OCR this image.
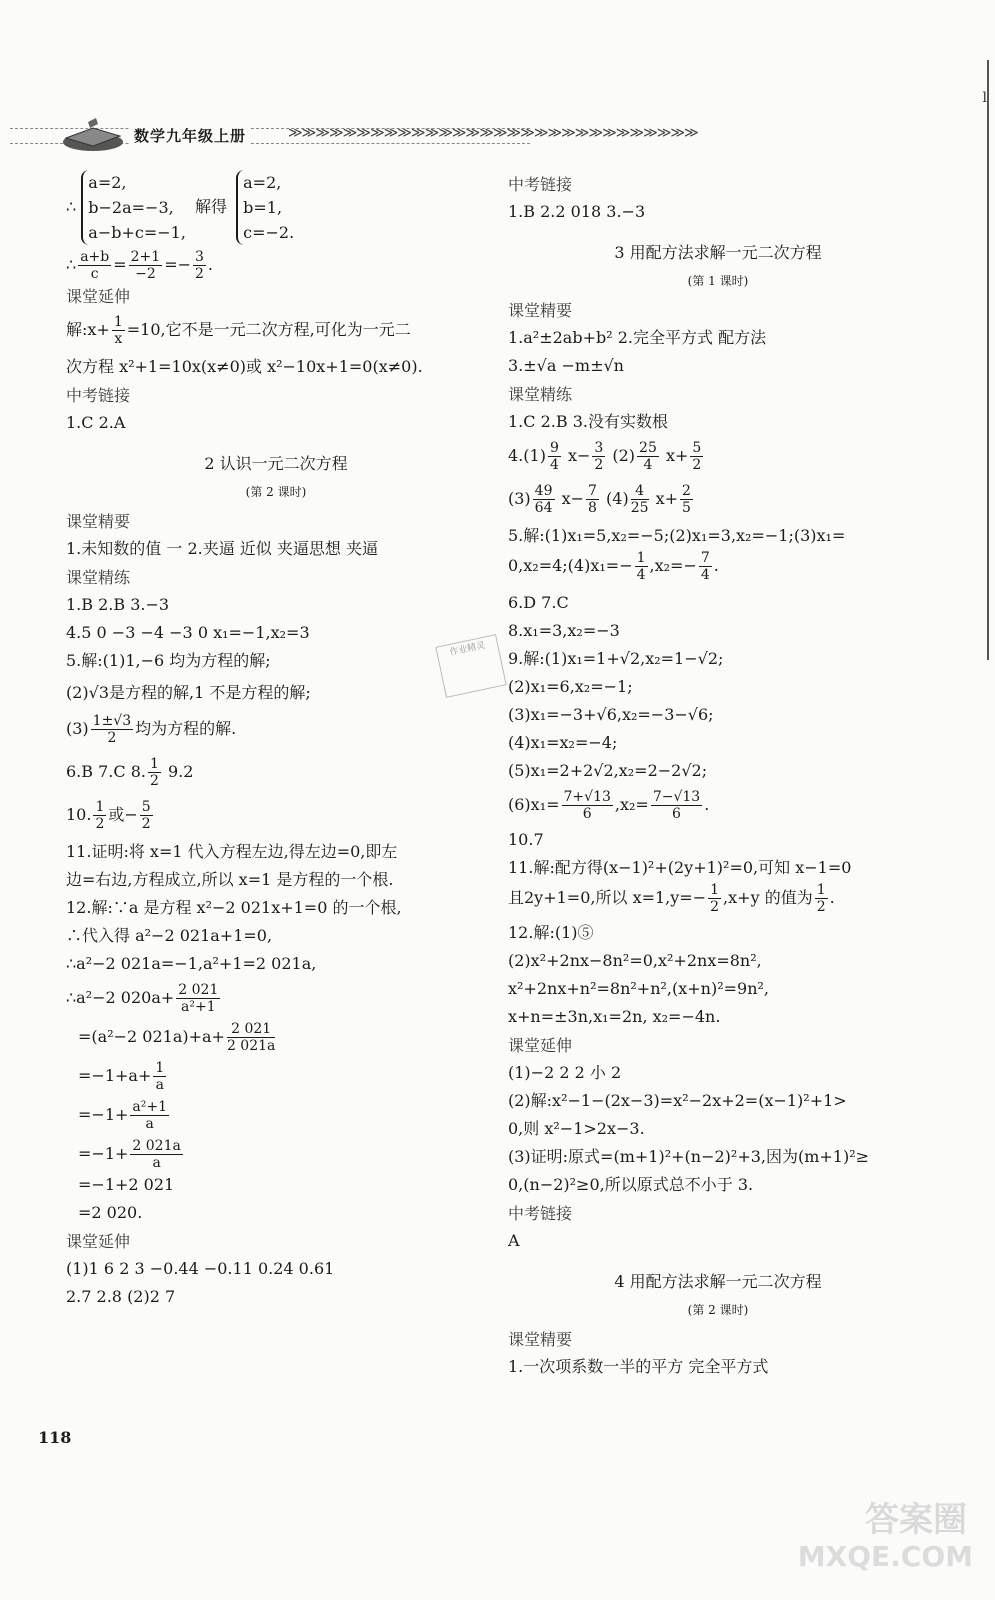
l
数学九年级上册	≫≫≫≫≫≫≫≫≫≫≫≫≫≫≫≫≫≫≫≫≫≫≫≫≫≫≫≫≫≫
∴
a=2,
b−2a=−3,
a−b+c=−1,
解得
a=2,
b=1,
c=−2.
∴ $\frac{a+b}{c} = \frac{2+1}{-2} =- \frac{3}{2}$ .
课堂延伸
解:x+ $\frac{1}{x} =10$,它不是一元二次方程,可化为一元二
次方程 x²+1=10x(x≠0)或 x²−10x+1=0(x≠0).
中考链接
1.C 2.A
2 认识一元二次方程
(第 2 课时)
课堂精要
1.未知数的值 一 2.夹逼 近似 夹逼思想 夹逼
课堂精练
1.B 2.B 3.−3
4.5 0 −3 −4 −3 0 x₁=−1,x₂=3
5.解:(1)1,−6 均为方程的解;
(2)√3是方程的解,1 不是方程的解;
$(3) \frac{1\pm√3}{2}$ 均为方程的解.
6.B 7.C 8. $\frac{1}{2} 9.2$
10. $\frac{1}{2}$ 或− $\frac{5}{2}$
11.证明:将 x=1 代入方程左边,得左边=0,即左
边=右边,方程成立,所以 x=1 是方程的一个根.
12.解:∵a 是方程 x²−2 021x+1=0 的一个根,
∴代入得 a²−2 021a+1=0,
∴a²−2 021a=−1,a²+1=2 021a,
∴a²−2 $020a+ \frac{2 021}{\text{a²+1}}$
=(a²−2 $021a)+a+ \frac{2 021}{2 021a}$
$=-1+a+ \frac{1}{a}$
$=-1+ \frac{\text{a²+1}}{a}$
$=-1+ \frac{2 021a}{a}$
=−1+2 021
=2 020.
课堂延伸
(1)1 6 2 3 −0.44 −0.11 0.24 0.61
2.7 2.8 (2)2 7
中考链接
1.B 2.2 018 3.−3
3 用配方法求解一元二次方程
(第 1 课时)
课堂精要
1.a²±2ab+b² 2.完全平方式 配方法
3.±√a −m±√n
课堂精练
1.C 2.B 3.没有实数根
$4.(1) \frac{9}{4} x- \frac{3}{2} (2) \frac{25}{4} x+ \frac{5}{2}$
$(3) \frac{49}{64} x- \frac{7}{8} (4) \frac{4}{25} x+ \frac{2}{5}$
5.解:(1)x₁=5,x₂=−5;(2)x₁=3,x₂=−1;(3)x₁=
0,x₂=4;(4)x₁=− $\frac{1}{4} ,x_2=- \frac{7}{4}$ .
6.D 7.C
8.x₁=3,x₂=−3
9.解:(1)x₁=1+√2,x₂=1−√2;
(2)x₁=6,x₂=−1;
(3)x₁=−3+√6,x₂=−3−√6;
(4)x₁=x₂=−4;
(5)x₁=2+2√2,x₂=2−2√2;
$(6)x_1= \frac{7+√13}{6} ,x_2= \frac{7-√13}{6}$ .
10.7
11.解:配方得(x−1)²+(2y+1)²=0,可知 x−1=0
且2y+1=0,所以 $x=1,y=- \frac{1}{2} ,x+y$ 的值为 $\frac{1}{2}$ .
12.解:(1)⑤
(2)x²+2nx−8n²=0,x²+2nx=8n²,
x²+2nx+n²=8n²+n²,(x+n)²=9n²,
x+n=±3n,x₁=2n, x₂=−4n.
课堂延伸
(1)−2 2 2 小 2
(2)解:x²−1−(2x−3)=x²−2x+2=(x−1)²+1>
0,则 x²−1>2x−3.
(3)证明:原式=(m+1)²+(n−2)²+3,因为(m+1)²≥
0,(n−2)²≥0,所以原式总不小于 3.
中考链接
A
4 用配方法求解一元二次方程
(第 2 课时)
课堂精要
1.一次项系数一半的平方 完全平方式
作业精灵
118
答案圈
MXQE.COM
